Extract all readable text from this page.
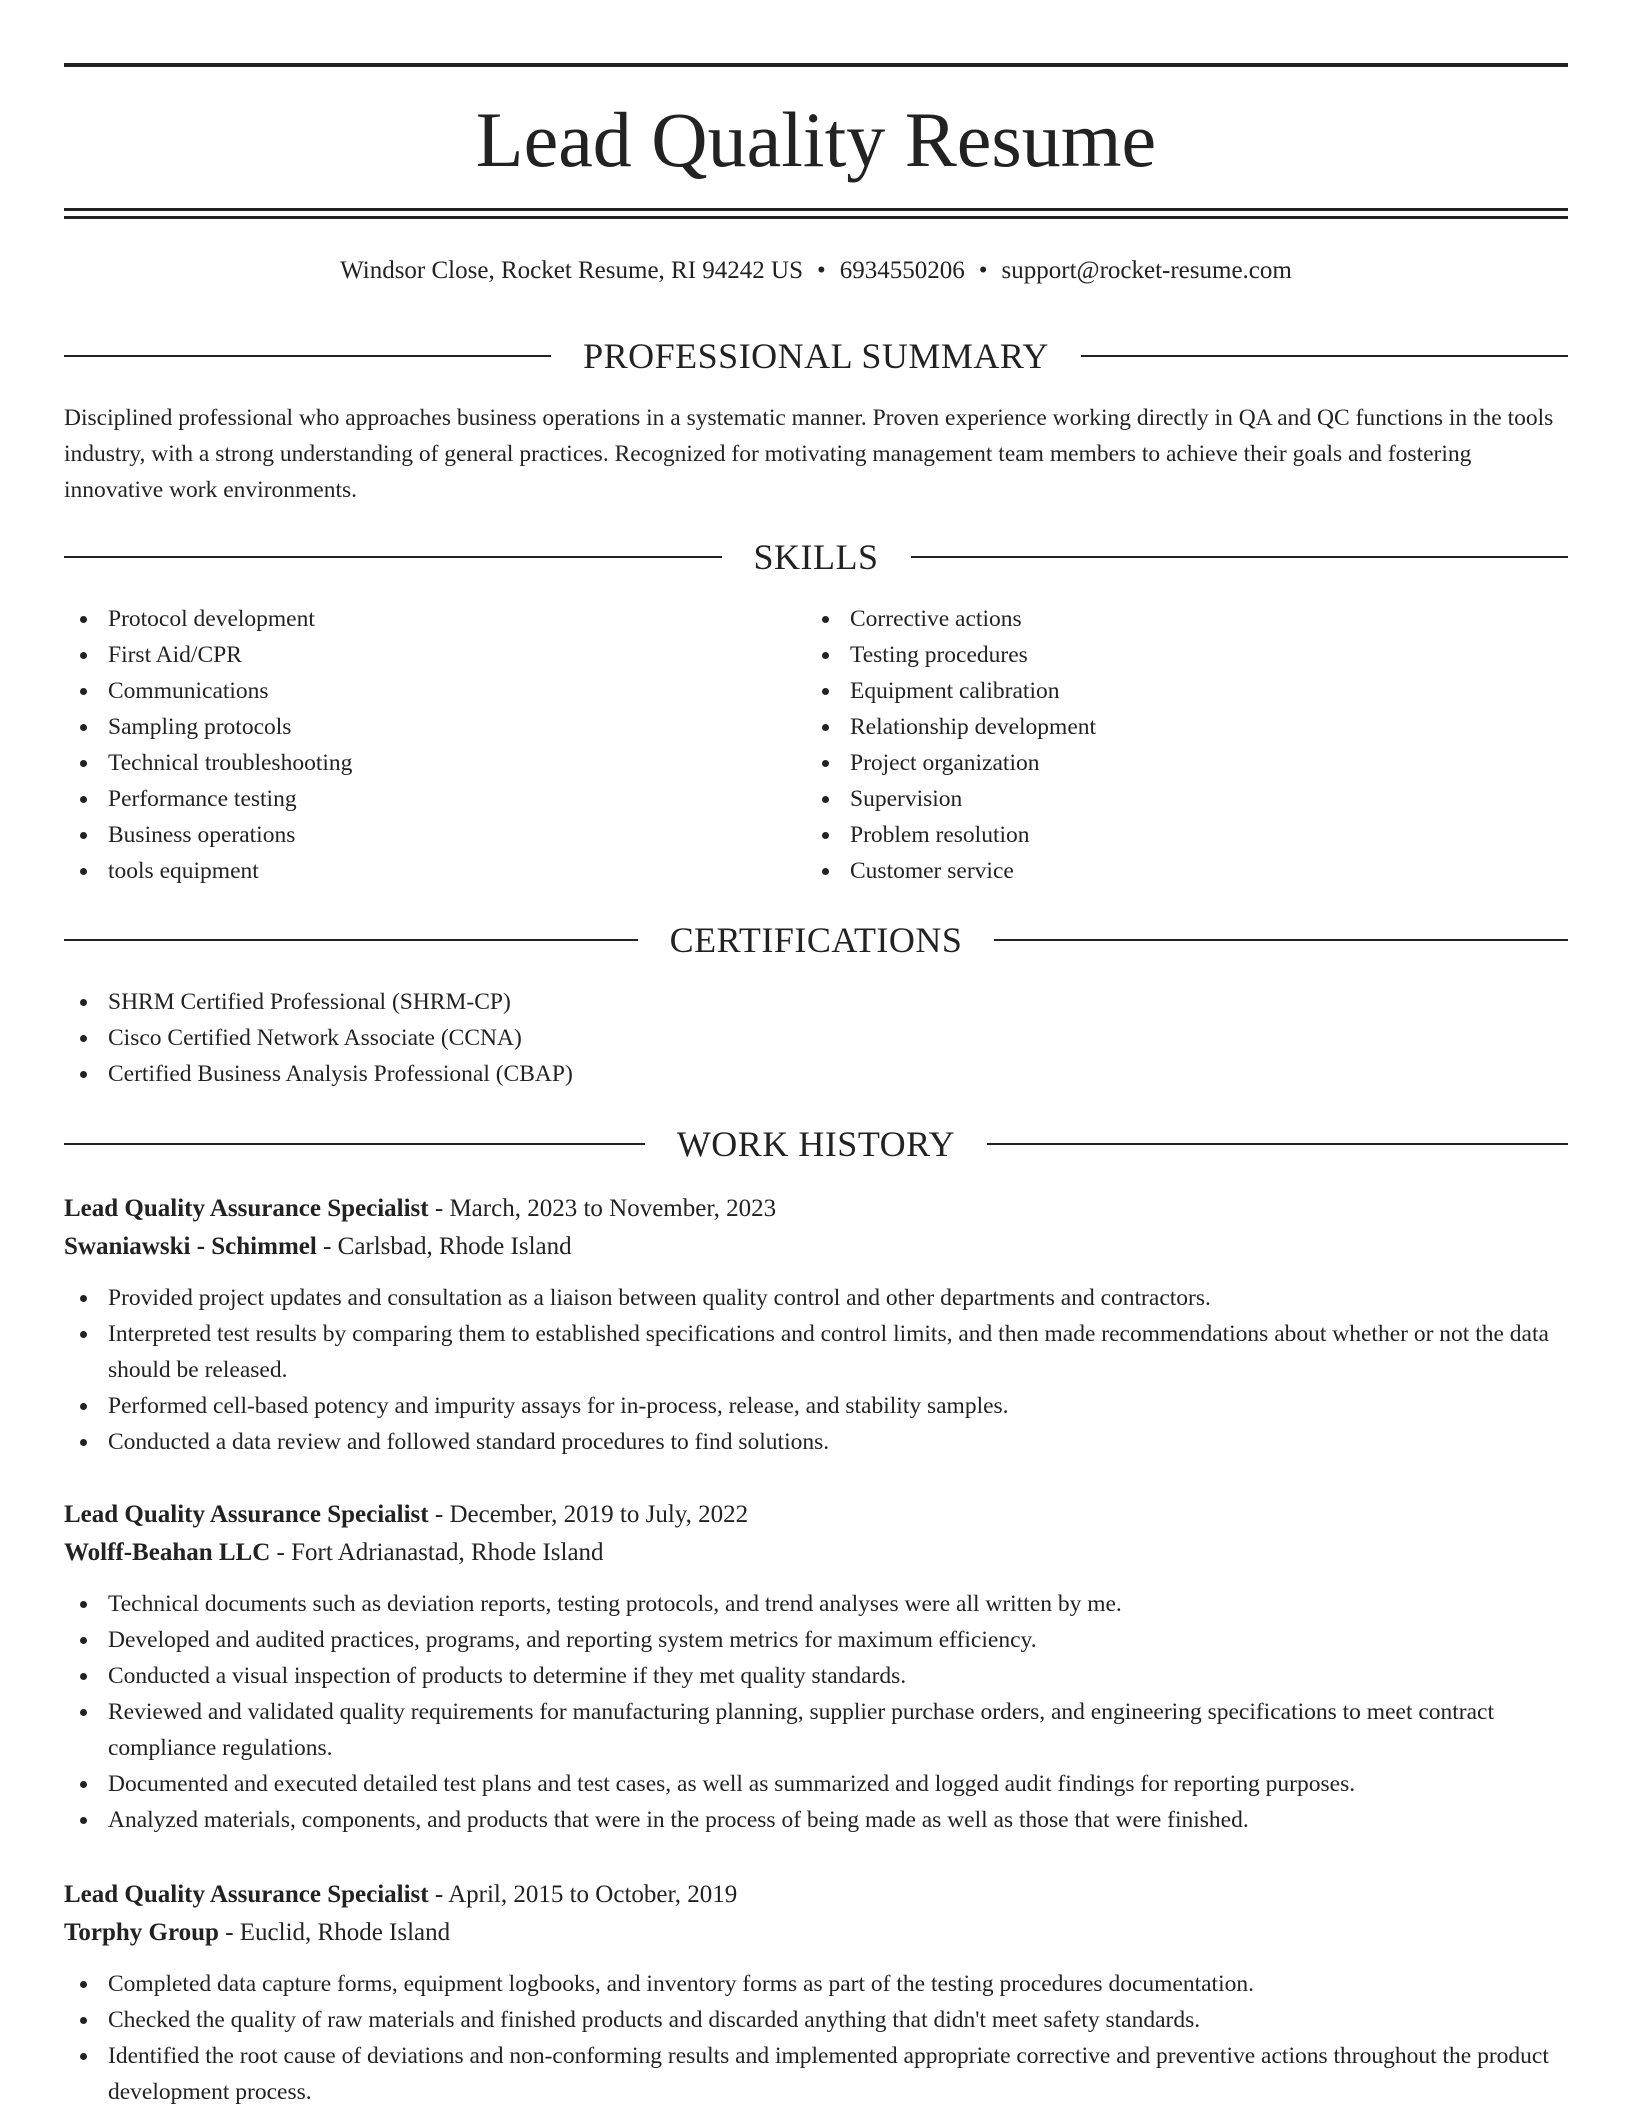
Lead Quality Resume
Windsor Close, Rocket Resume, RI 94242 US • 6934550206 • support@rocket-resume.com
PROFESSIONAL SUMMARY

Disciplined professional who approaches business operations in a systematic manner. Proven experience working directly in QA and QC functions in the tools industry, with a strong understanding of general practices. Recognized for motivating management team members to achieve their goals and fostering innovative work environments.

SKILLS
Protocol development
First Aid/CPR
Communications
Sampling protocols
Technical troubleshooting
Performance testing
Business operations
tools equipment
Corrective actions
Testing procedures
Equipment calibration
Relationship development
Project organization
Supervision
Problem resolution
Customer service
CERTIFICATIONS
SHRM Certified Professional (SHRM-CP)
Cisco Certified Network Associate (CCNA)
Certified Business Analysis Professional (CBAP)
WORK HISTORY
Lead Quality Assurance Specialist - March, 2023 to November, 2023
Swaniawski - Schimmel - Carlsbad, Rhode Island
Provided project updates and consultation as a liaison between quality control and other departments and contractors.
Interpreted test results by comparing them to established specifications and control limits, and then made recommendations about whether or not the data should be released.
Performed cell-based potency and impurity assays for in-process, release, and stability samples.
Conducted a data review and followed standard procedures to find solutions.
Lead Quality Assurance Specialist - December, 2019 to July, 2022
Wolff-Beahan LLC - Fort Adrianastad, Rhode Island
Technical documents such as deviation reports, testing protocols, and trend analyses were all written by me.
Developed and audited practices, programs, and reporting system metrics for maximum efficiency.
Conducted a visual inspection of products to determine if they met quality standards.
Reviewed and validated quality requirements for manufacturing planning, supplier purchase orders, and engineering specifications to meet contract compliance regulations.
Documented and executed detailed test plans and test cases, as well as summarized and logged audit findings for reporting purposes.
Analyzed materials, components, and products that were in the process of being made as well as those that were finished.
Lead Quality Assurance Specialist - April, 2015 to October, 2019
Torphy Group - Euclid, Rhode Island
Completed data capture forms, equipment logbooks, and inventory forms as part of the testing procedures documentation.
Checked the quality of raw materials and finished products and discarded anything that didn't meet safety standards.
Identified the root cause of deviations and non-conforming results and implemented appropriate corrective and preventive actions throughout the product development process.
